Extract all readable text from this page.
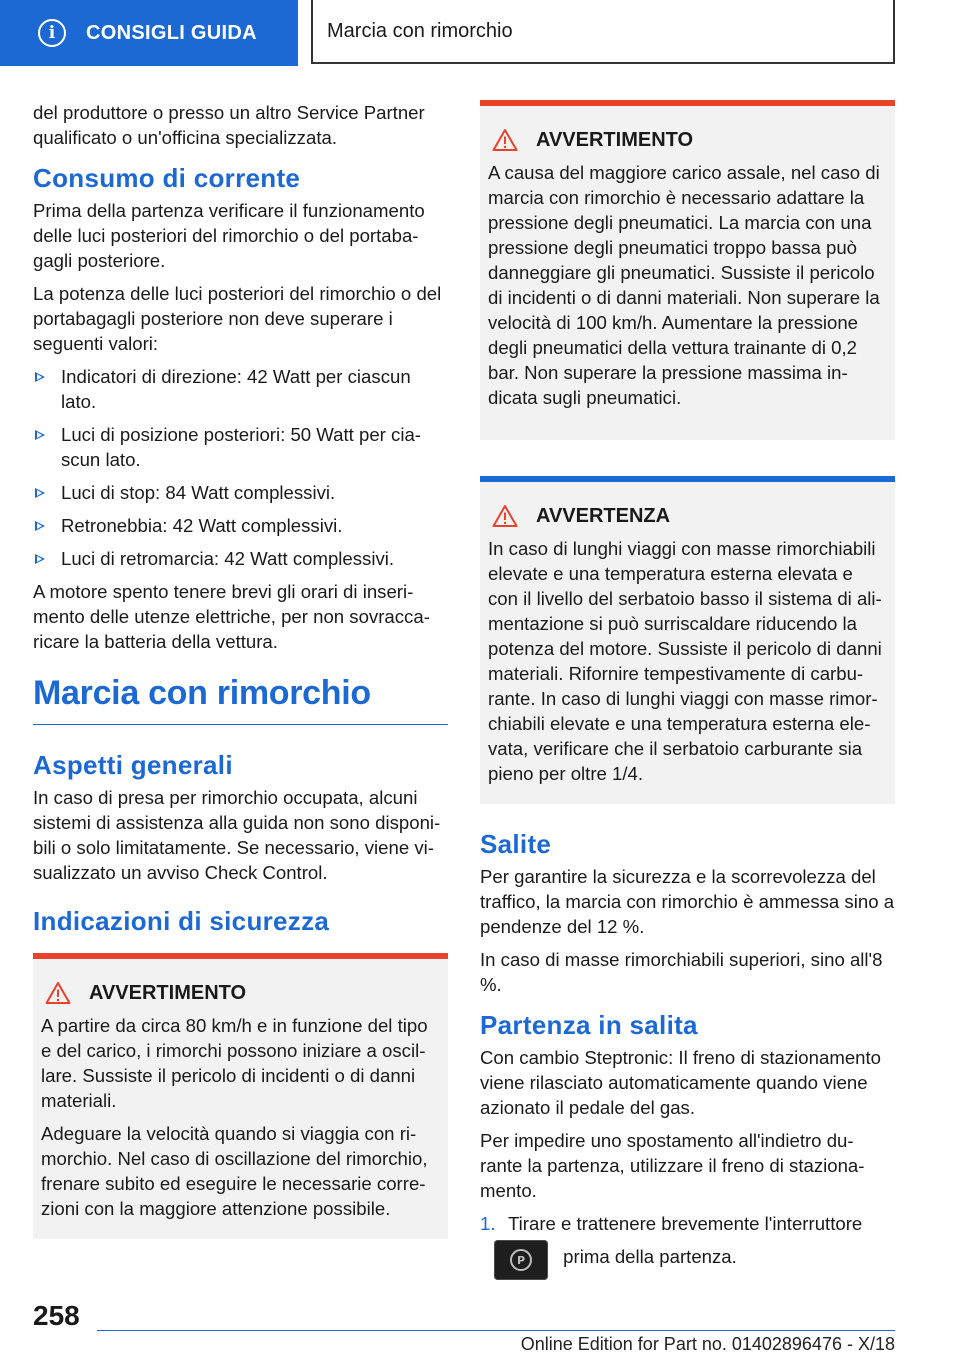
i	CONSIGLI GUIDA	Marcia con rimorchio

del produttore o presso un altro Service Partner qualificato o un'officina specializzata.

Consumo di corrente

Prima della partenza verificare il funzionamento delle luci posteriori del rimorchio o del portaba‐gagli posteriore.

La potenza delle luci posteriori del rimorchio o del portabagagli posteriore non deve superare i seguenti valori:

Indicatori di direzione: 42 Watt per ciascun lato.
Luci di posizione posteriori: 50 Watt per cia‐scun lato.
Luci di stop: 84 Watt complessivi.
Retronebbia: 42 Watt complessivi.
Luci di retromarcia: 42 Watt complessivi.

A motore spento tenere brevi gli orari di inseri‐mento delle utenze elettriche, per non sovracca‐ricare la batteria della vettura.

Marcia con rimorchio
Aspetti generali

In caso di presa per rimorchio occupata, alcuni sistemi di assistenza alla guida non sono disponi‐bili o solo limitatamente. Se necessario, viene vi‐sualizzato un avviso Check Control.

Indicazioni di sicurezza
AVVERTIMENTO

A partire da circa 80 km/h e in funzione del tipo e del carico, i rimorchi possono iniziare a oscil‐lare. Sussiste il pericolo di incidenti o di danni materiali.

Adeguare la velocità quando si viaggia con ri‐morchio. Nel caso di oscillazione del rimorchio, frenare subito ed eseguire le necessarie corre‐zioni con la maggiore attenzione possibile.

AVVERTIMENTO

A causa del maggiore carico assale, nel caso di marcia con rimorchio è necessario adattare la pressione degli pneumatici. La marcia con una pressione degli pneumatici troppo bassa può danneggiare gli pneumatici. Sussiste il pericolo di incidenti o di danni materiali. Non superare la velocità di 100 km/h. Aumentare la pressione degli pneumatici della vettura trainante di 0,2 bar. Non superare la pressione massima in‐dicata sugli pneumatici.

AVVERTENZA

In caso di lunghi viaggi con masse rimorchiabili elevate e una temperatura esterna elevata e con il livello del serbatoio basso il sistema di ali‐mentazione si può surriscaldare riducendo la potenza del motore. Sussiste il pericolo di danni materiali. Rifornire tempestivamente di carbu‐rante. In caso di lunghi viaggi con masse rimor‐chiabili elevate e una temperatura esterna ele‐vata, verificare che il serbatoio carburante sia pieno per oltre 1/4.

Salite

Per garantire la sicurezza e la scorrevolezza del traffico, la marcia con rimorchio è ammessa sino a pendenze del 12 %.

In caso di masse rimorchiabili superiori, sino all'8 %.

Partenza in salita

Con cambio Steptronic: Il freno di stazionamento viene rilasciato automaticamente quando viene azionato il pedale del gas.

Per impedire uno spostamento all'indietro du‐rante la partenza, utilizzare il freno di staziona‐mento.

1. Tirare e trattenere brevemente l'interruttore

P	prima della partenza.
258
Online Edition for Part no. 01402896476 - X/18
